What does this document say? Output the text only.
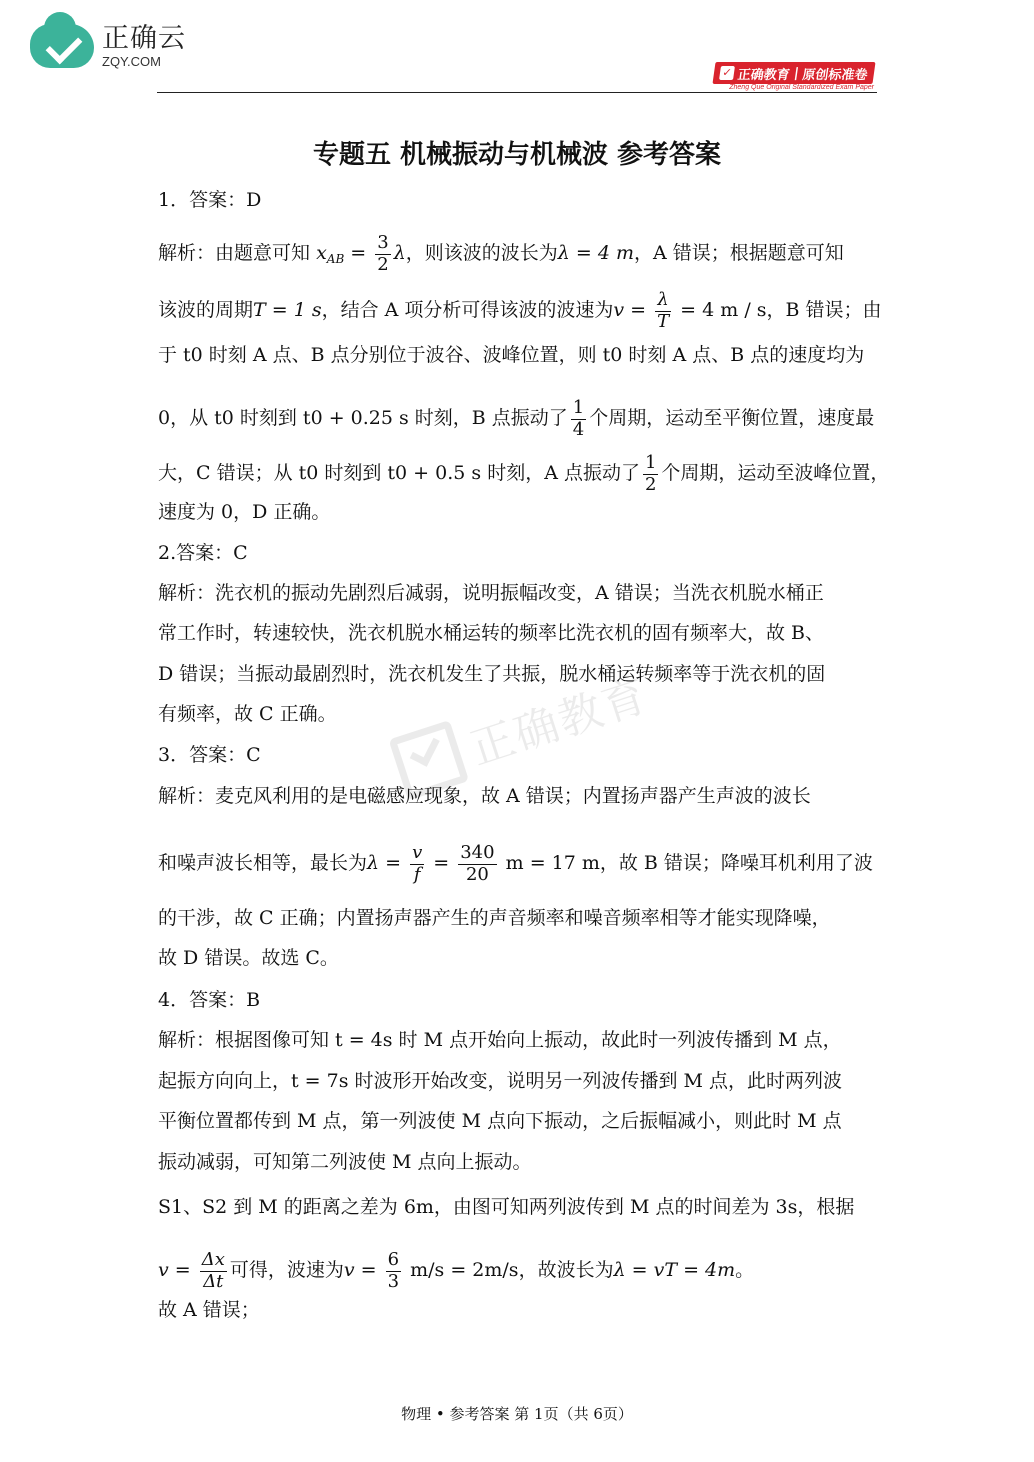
正确云
ZQY.COM
✓ 正确教育 | 原创标准卷
Zheng Que Original Standardized Exam Paper
正确教育
专题五 机械振动与机械波 参考答案
1．答案：D
解析：由题意可知 $x_{AB} = \frac{3}{2}$ λ，则该波的波长为λ = 4 m，A 错误；根据题意可知
该波的周期T = 1 s，结合 A 项分析可得该波的波速为$v = \frac{\lambda}{T} = 4$ m / s，B 错误；由
于 t0 时刻 A 点、B 点分别位于波谷、波峰位置，则 t0 时刻 A 点、B 点的速度均为
0，从 t0 时刻到 t0 + 0.25 s 时刻，B 点振动了 $\frac{1}{4}$ 个周期，运动至平衡位置，速度最
大，C 错误；从 t0 时刻到 t0 + 0.5 s 时刻，A 点振动了 $\frac{1}{2}$ 个周期，运动至波峰位置，
速度为 0，D 正确。
2.答案：C
解析：洗衣机的振动先剧烈后减弱，说明振幅改变，A 错误；当洗衣机脱水桶正
常工作时，转速较快，洗衣机脱水桶运转的频率比洗衣机的固有频率大，故 B、
D 错误；当振动最剧烈时，洗衣机发生了共振，脱水桶运转频率等于洗衣机的固
有频率，故 C 正确。
3．答案：C
解析：麦克风利用的是电磁感应现象，故 A 错误；内置扬声器产生声波的波长
和噪声波长相等，最长为$\lambda = \frac{v}{f} = \frac{340}{20}$ m = 17 m，故 B 错误；降噪耳机利用了波
的干涉，故 C 正确；内置扬声器产生的声音频率和噪音频率相等才能实现降噪，
故 D 错误。故选 C。
4．答案：B
解析：根据图像可知 t = 4s 时 M 点开始向上振动，故此时一列波传播到 M 点，
起振方向向上，t = 7s 时波形开始改变，说明另一列波传播到 M 点，此时两列波
平衡位置都传到 M 点，第一列波使 M 点向下振动，之后振幅减小，则此时 M 点
振动减弱，可知第二列波使 M 点向上振动。
S1、S2 到 M 的距离之差为 6m，由图可知两列波传到 M 点的时间差为 3s，根据
$v = \frac{\Delta x}{\Delta t}$ 可得，波速为$v = \frac{6}{3} m/s = 2m/s$，故波长为λ = vT = 4m。
故 A 错误；
物理 • 参考答案 第 1页（共 6页）
